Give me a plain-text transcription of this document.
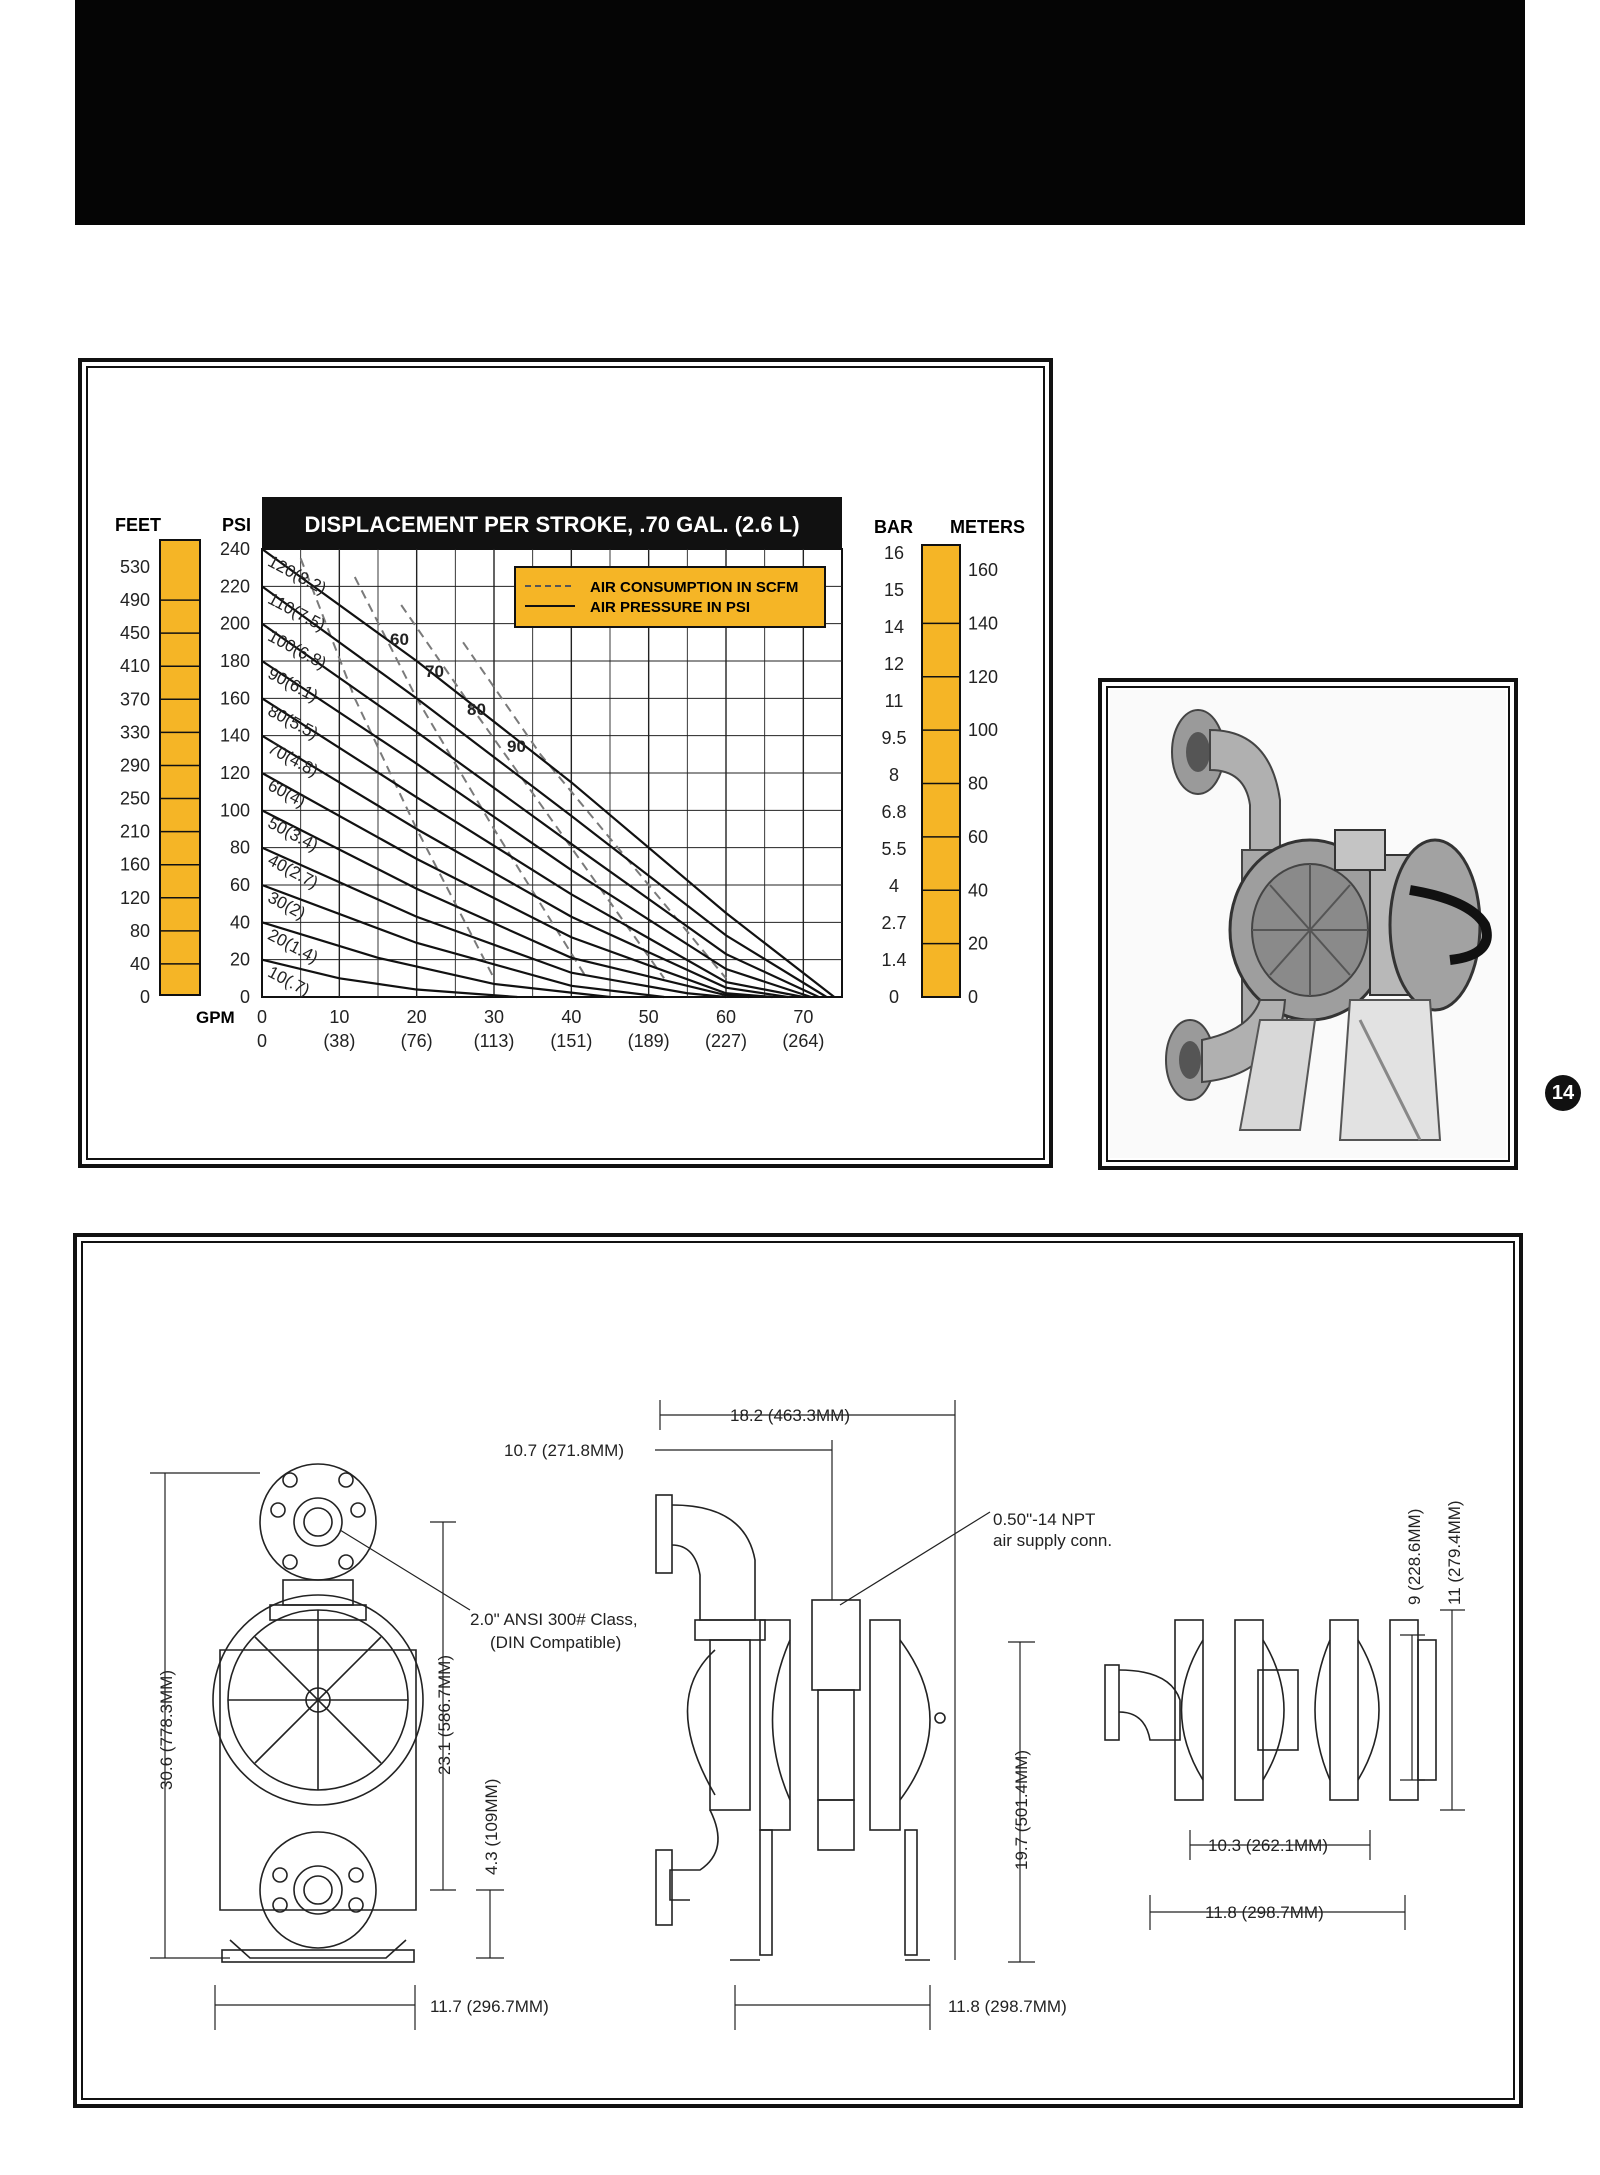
FEET	PSI	BAR METERS
530
490
450
410
370
330
290
250
210
160
120
80
40
0
240
220
200
180
160
140
120
100
80
60
40
20
0
16
15
14
12
11
9.5
8
6.8
5.5
4
2.7
1.4
0
160
140
120
100
80
60
40
20
0
DISPLACEMENT PER STROKE, .70 GAL. (2.6 L)
120(8.2)
110(7.5)
100(6.8)
90(6.1)
80(5.5)
70(4.8)
60(4)
50(3.4)
40(2.7)
30(2)
20(1.4)
10(.7)
60
70
80
90
AIR CONSUMPTION IN SCFM
AIR PRESSURE IN PSI
GPM 0	10	20	30	40	50	60	70
0	(38)	(76) (113) (151) (189) (227) (264)
14
30.6 (778.3MM)	23.1 (586.7MM)
4.3 (109MM)
11.7 (296.7MM)
2.0" ANSI 300# Class,
(DIN Compatible)
18.2 (463.3MM)
10.7 (271.8MM)
0.50"-14 NPT
air supply conn.
19.7 (501.4MM)
11.8 (298.7MM)
9 (228.6MM) 11 (279.4MM)
10.3 (262.1MM)
11.8 (298.7MM)
